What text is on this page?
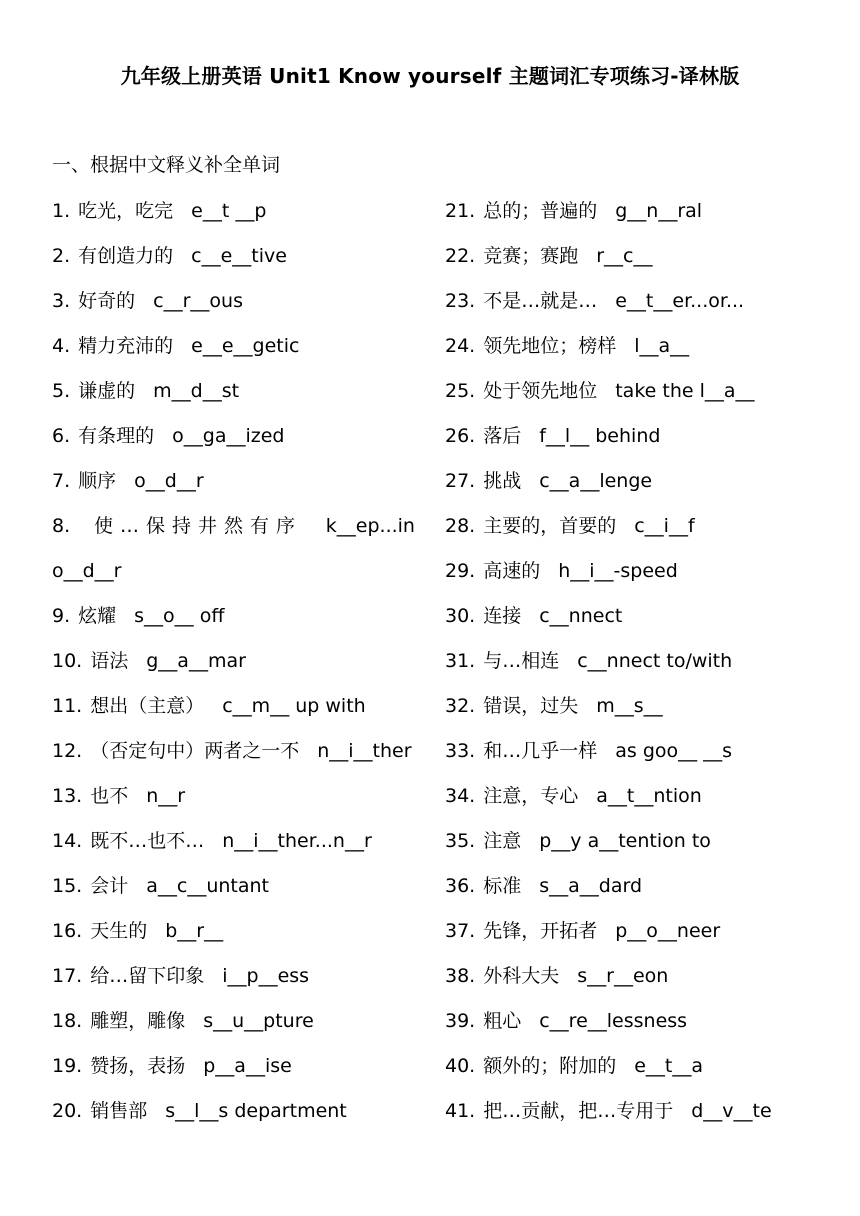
九年级上册英语 Unit1 Know yourself 主题词汇专项练习-译林版
一、根据中文释义补全单词
1. 吃光，吃完 e__t __p
2. 有创造力的 c__e__tive
3. 好奇的 c__r__ous
4. 精力充沛的 e__e__getic
5. 谦虚的 m__d__st
6. 有条理的 o__ga__ized
7. 顺序 o__d__r
8. 使…保持井然有序 k__ep...in
o__d__r
9. 炫耀 s__o__ off
10. 语法 g__a__mar
11. 想出（主意） c__m__ up with
12. （否定句中）两者之一不 n__i__ther
13. 也不 n__r
14. 既不…也不… n__i__ther...n__r
15. 会计 a__c__untant
16. 天生的 b__r__
17. 给…留下印象 i__p__ess
18. 雕塑，雕像 s__u__pture
19. 赞扬，表扬 p__a__ise
20. 销售部 s__l__s department
21. 总的；普遍的 g__n__ral
22. 竞赛；赛跑 r__c__
23. 不是…就是… e__t__er...or...
24. 领先地位；榜样 l__a__
25. 处于领先地位 take the l__a__
26. 落后 f__l__ behind
27. 挑战 c__a__lenge
28. 主要的，首要的 c__i__f
29. 高速的 h__i__-speed
30. 连接 c__nnect
31. 与…相连 c__nnect to/with
32. 错误，过失 m__s__
33. 和…几乎一样 as goo__ __s
34. 注意，专心 a__t__ntion
35. 注意 p__y a__tention to
36. 标准 s__a__dard
37. 先锋，开拓者 p__o__neer
38. 外科大夫 s__r__eon
39. 粗心 c__re__lessness
40. 额外的；附加的 e__t__a
41. 把…贡献，把…专用于 d__v__te
